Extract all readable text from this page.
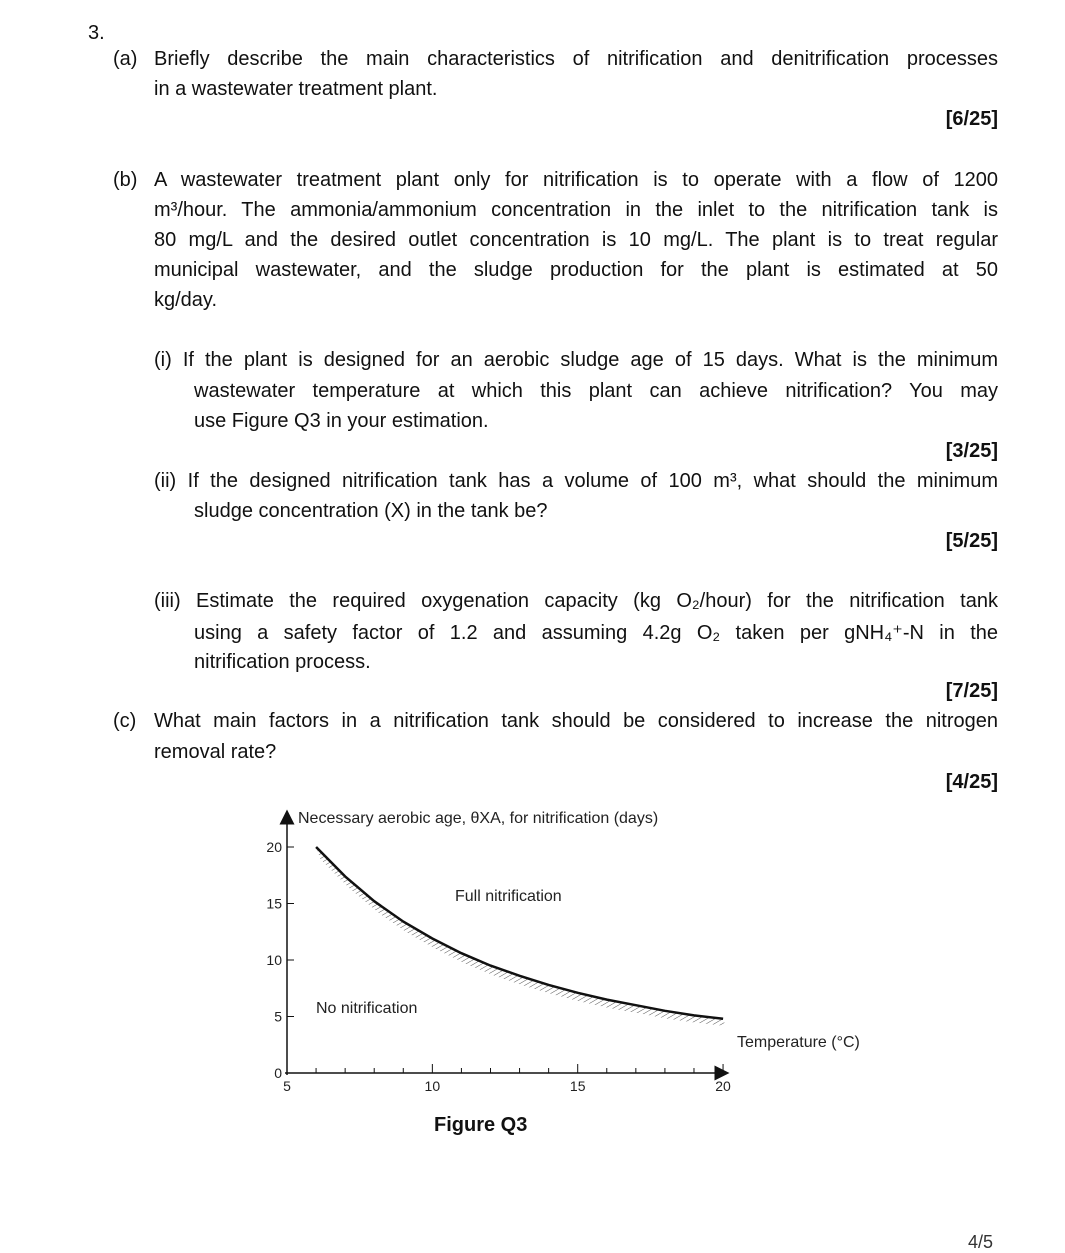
3.
(a) Briefly describe the main characteristics of nitrification and denitrification processes
in a wastewater treatment plant.
[6/25]
(b) A wastewater treatment plant only for nitrification is to operate with a flow of 1200
m³/hour. The ammonia/ammonium concentration in the inlet to the nitrification tank is
80 mg/L and the desired outlet concentration is 10 mg/L. The plant is to treat regular
municipal wastewater, and the sludge production for the plant is estimated at 50
kg/day.
(i) If the plant is designed for an aerobic sludge age of 15 days. What is the minimum
wastewater temperature at which this plant can achieve nitrification? You may
use Figure Q3 in your estimation.
[3/25]
(ii) If the designed nitrification tank has a volume of 100 m³, what should the minimum
sludge concentration (X) in the tank be?
[5/25]
(iii) Estimate the required oxygenation capacity (kg O₂/hour) for the nitrification tank
using a safety factor of 1.2 and assuming 4.2g O₂ taken per gNH₄⁺-N in the
nitrification process.
[7/25]
(c) What main factors in a nitrification tank should be considered to increase the nitrogen
removal rate?
[4/25]
0
5
10
15
20
5	10	15	20
Necessary aerobic age, θXA, for nitrification (days)
Temperature (°C)
Full nitrification
No nitrification
Figure Q3
4/5
